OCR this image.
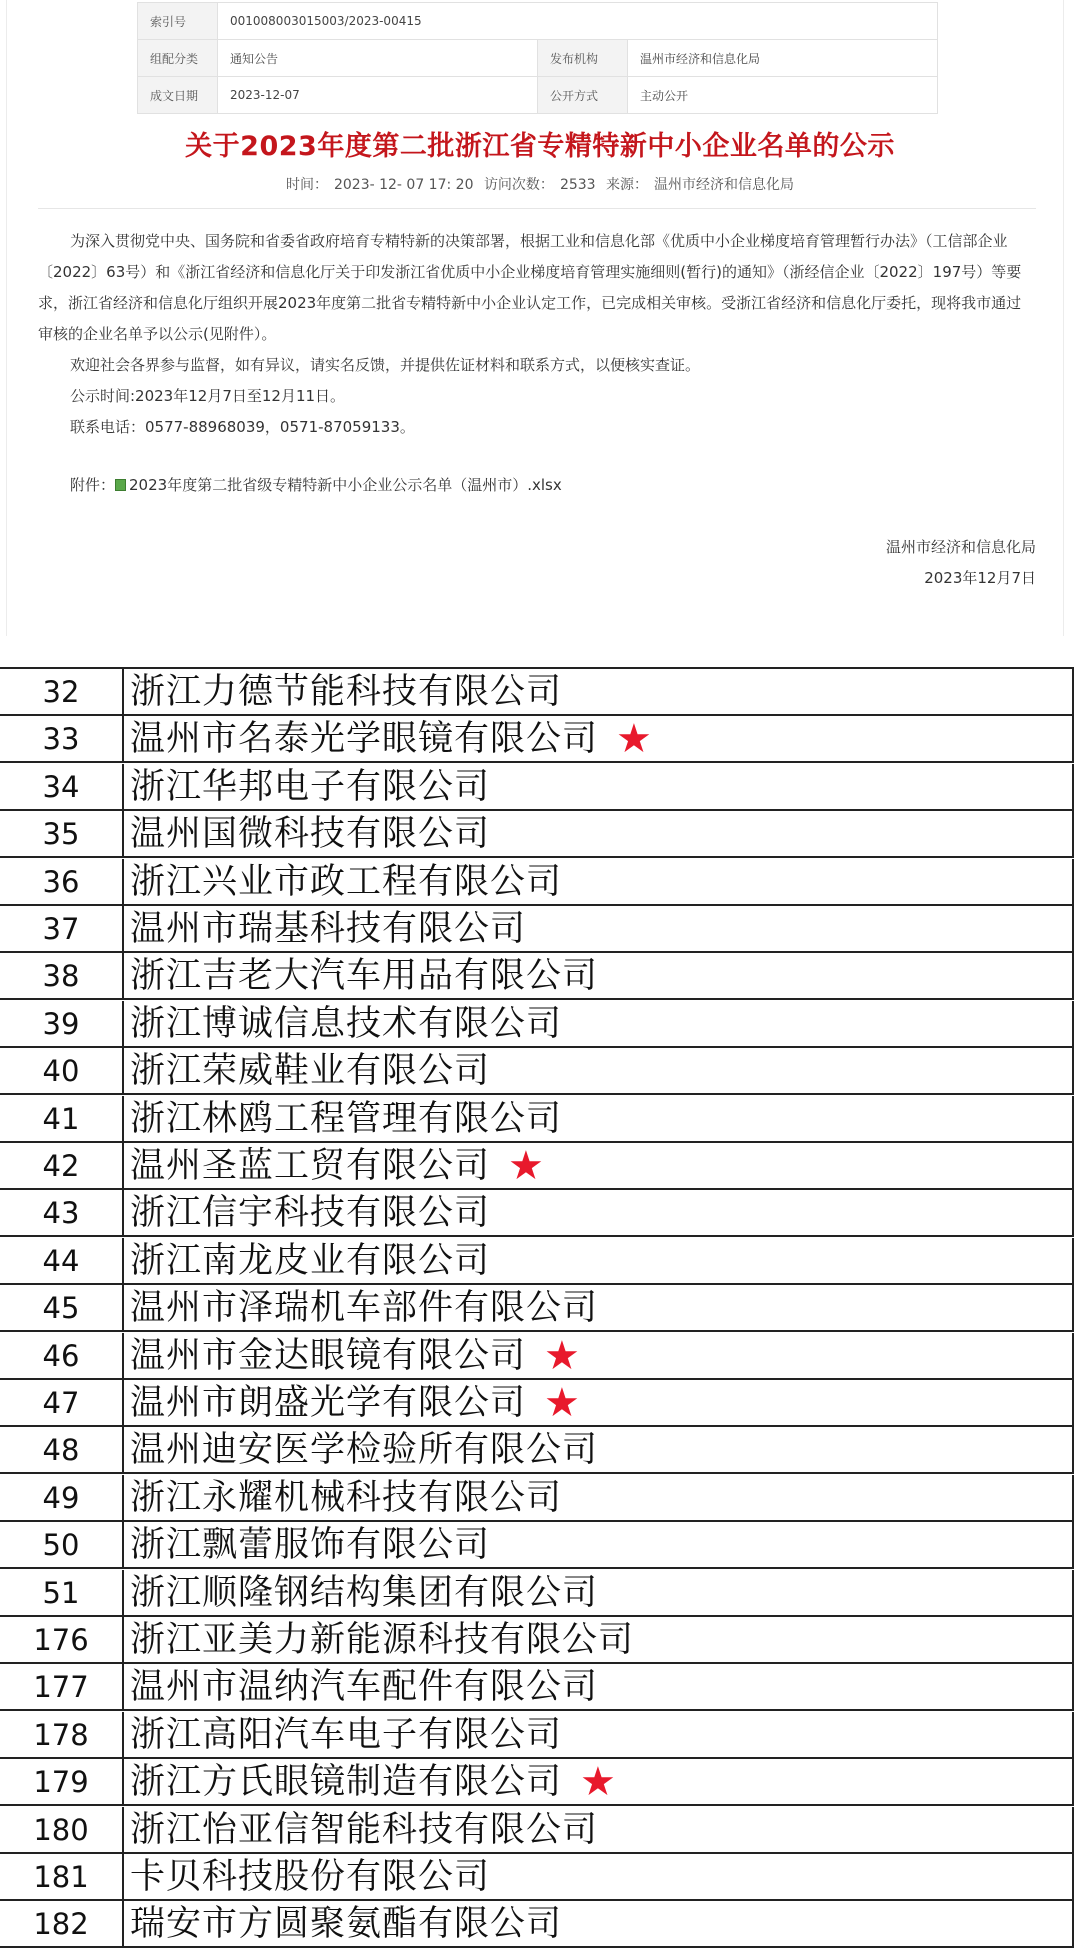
索引号	001008003015003/2023-00415		
组配分类	通知公告	发布机构	温州市经济和信息化局
成文日期	2023-12-07	公开方式	主动公开
关于2023年度第二批浙江省专精特新中小企业名单的公示
时间： 2023- 12- 07 17: 20 访问次数： 2533 来源： 温州市经济和信息化局
为深入贯彻党中央、国务院和省委省政府培育专精特新的决策部署，根据工业和信息化部《优质中小企业梯度培育管理暂行办法》（工信部企业〔2022〕63号）和《浙江省经济和信息化厅关于印发浙江省优质中小企业梯度培育管理实施细则(暂行)的通知》（浙经信企业〔2022〕197号）等要求，浙江省经济和信息化厅组织开展2023年度第二批省专精特新中小企业认定工作，已完成相关审核。受浙江省经济和信息化厅委托，现将我市通过审核的企业名单予以公示(见附件）。
欢迎社会各界参与监督，如有异议，请实名反馈，并提供佐证材料和联系方式，以便核实查证。
公示时间:2023年12月7日至12月11日。
联系电话：0577-88968039，0571-87059133。
附件： 2023年度第二批省级专精特新中小企业公示名单（温州市）.xlsx
温州市经济和信息化局
2023年12月7日
32	浙江力德节能科技有限公司
33	温州市名泰光学眼镜有限公司 ★
34	浙江华邦电子有限公司
35	温州国微科技有限公司
36	浙江兴业市政工程有限公司
37	温州市瑞基科技有限公司
38	浙江吉老大汽车用品有限公司
39	浙江博诚信息技术有限公司
40	浙江荣威鞋业有限公司
41	浙江林鸥工程管理有限公司
42	温州圣蓝工贸有限公司 ★
43	浙江信宇科技有限公司
44	浙江南龙皮业有限公司
45	温州市泽瑞机车部件有限公司
46	温州市金达眼镜有限公司 ★
47	温州市朗盛光学有限公司 ★
48	温州迪安医学检验所有限公司
49	浙江永耀机械科技有限公司
50	浙江飘蕾服饰有限公司
51	浙江顺隆钢结构集团有限公司
176	浙江亚美力新能源科技有限公司
177	温州市温纳汽车配件有限公司
178	浙江高阳汽车电子有限公司
179	浙江方氏眼镜制造有限公司 ★
180	浙江怡亚信智能科技有限公司
181	卡贝科技股份有限公司
182	瑞安市方圆聚氨酯有限公司
